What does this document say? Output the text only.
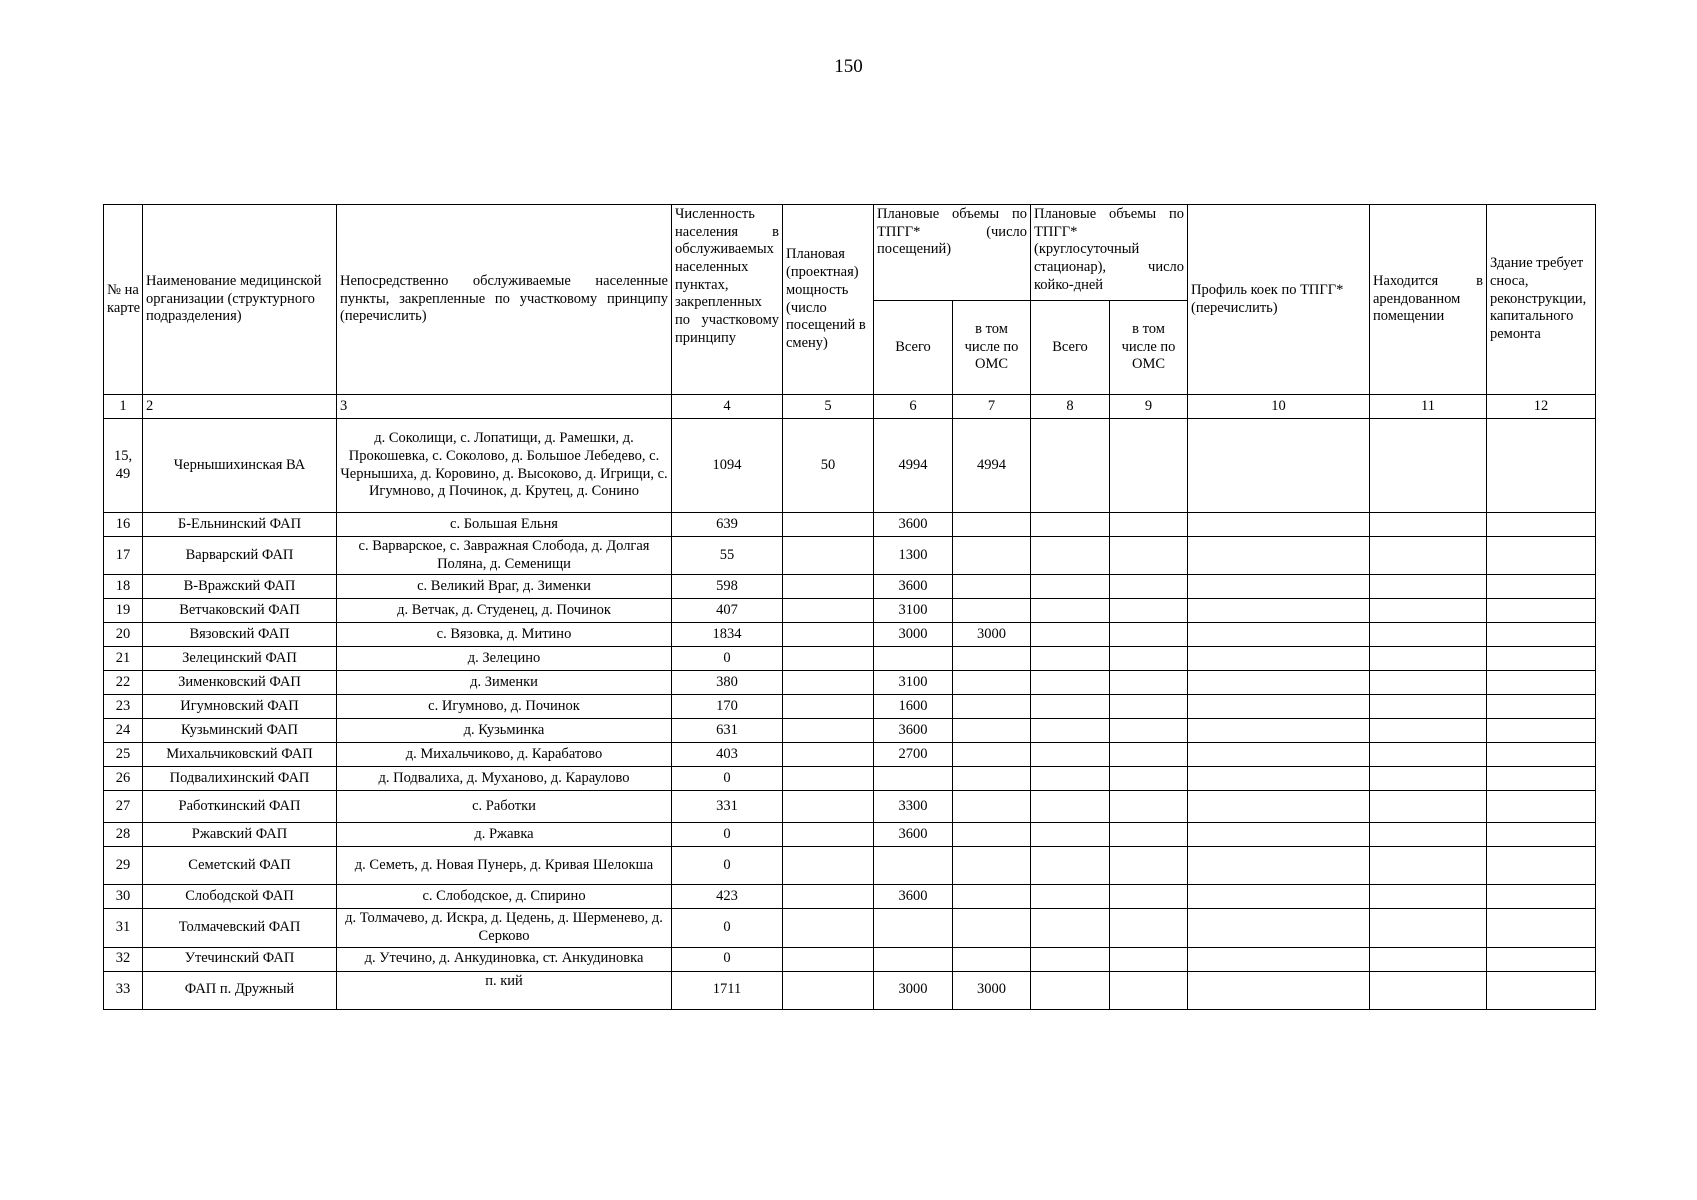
150
№ на карте	Наименование медицинской организации (структурного подразделения)	Непосредственно обслуживаемые населенные пункты, закрепленные по участковому принципу (перечислить)	Численность населения в обслуживаемых населенных пунктах, закрепленных по участковому принципу	Плановая (проектная) мощность (число посещений в смену)	Плановые объемы по ТПГГ* (число посещений)		Плановые объемы по ТПГГ* (круглосуточный стационар), число койко-дней		Профиль коек по ТПГГ* (перечислить)	Находится в арендованном помещении	Здание требует сноса, реконструкции, капитального ремонта
					Всего	в том числе по ОМС	Всего	в том числе по ОМС			
1	2	3	4	5	6	7	8	9	10	11	12
15, 49	Чернышихинская ВА	д. Соколищи, с. Лопатищи, д. Рамешки, д. Прокошевка, с. Соколово, д. Большое Лебедево, с. Чернышиха, д. Коровино, д. Высоково, д. Игрищи, с. Игумново, д Починок, д. Крутец, д. Сонино	1094	50	4994	4994					
16	Б-Ельнинский ФАП	с. Большая Ельня	639		3600						
17	Варварский ФАП	с. Варварское, с. Завражная Слобода, д. Долгая Поляна, д. Семенищи	55		1300						
18	В-Вражский ФАП	с. Великий Враг, д. Зименки	598		3600						
19	Ветчаковский ФАП	д. Ветчак, д. Студенец, д. Починок	407		3100						
20	Вязовский ФАП	с. Вязовка, д. Митино	1834		3000	3000					
21	Зелецинский ФАП	д. Зелецино	0								
22	Зименковский ФАП	д. Зименки	380		3100						
23	Игумновский ФАП	с. Игумново, д. Починок	170		1600						
24	Кузьминский ФАП	д. Кузьминка	631		3600						
25	Михальчиковский ФАП	д. Михальчиково, д. Карабатово	403		2700						
26	Подвалихинский ФАП	д. Подвалиха, д. Муханово, д. Караулово	0								
27	Работкинский ФАП	с. Работки	331		3300						
28	Ржавский ФАП	д. Ржавка	0		3600						
29	Семетский ФАП	д. Семеть, д. Новая Пунерь, д. Кривая Шелокша	0								
30	Слободской ФАП	с. Слободское, д. Спирино	423		3600						
31	Толмачевский ФАП	д. Толмачево, д. Искра, д. Цедень, д. Шерменево, д. Серково	0								
32	Утечинский ФАП	д. Утечино, д. Анкудиновка, ст. Анкудиновка	0								
33	ФАП п. Дружный	п. кий	1711		3000	3000					
